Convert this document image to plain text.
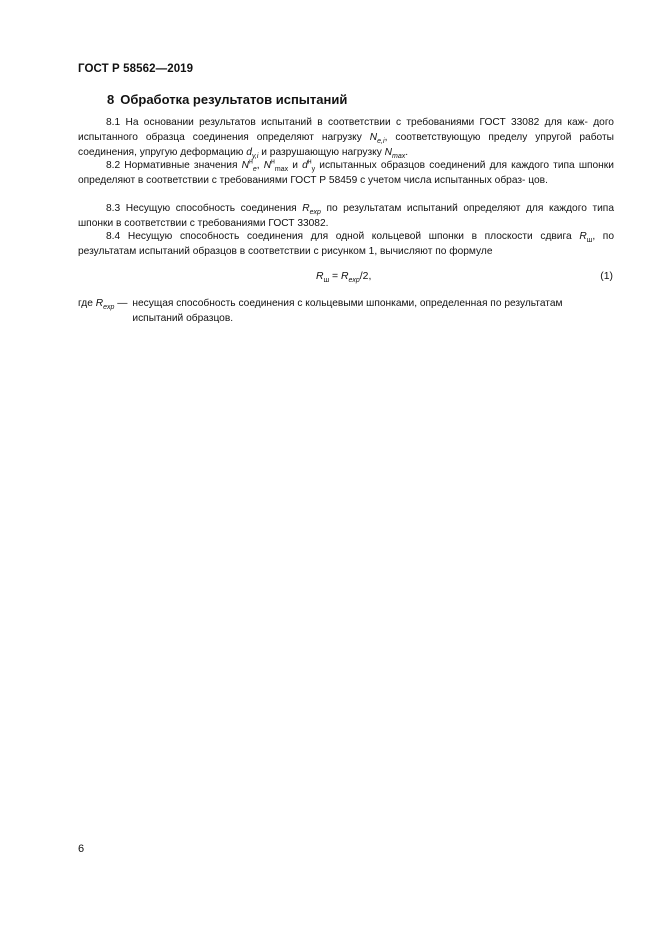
ГОСТ Р 58562—2019
8 Обработка результатов испытаний

8.1 На основании результатов испытаний в соответствии с требованиями ГОСТ 33082 для каж- дого испытанного образца соединения определяют нагрузку $N_{e,i}$, соответствующую пределу упругой работы соединения, упругую деформацию $d_{y,i}$ и разрушающую нагрузку $N_{max}$.

8.2 Нормативные значения $N^н_e$, $N^н_{max}$ и $d^н_y$ испытанных образцов соединений для каждого типа шпонки определяют в соответствии с требованиями ГОСТ Р 58459 с учетом числа испытанных образ- цов.

8.3 Несущую способность соединения $R_{exp}$ по результатам испытаний определяют для каждого типа шпонки в соответствии с требованиями ГОСТ 33082.

8.4 Несущую способность соединения для одной кольцевой шпонки в плоскости сдвига $R_ш$, по результатам испытаний образцов в соответствии с рисунком 1, вычисляют по формуле

$R_ш = R_{exp}/2$,	(1)
где $R_{exp}$ — несущая способность соединения с кольцевыми шпонками, определенная по результатам испытаний образцов.
6
